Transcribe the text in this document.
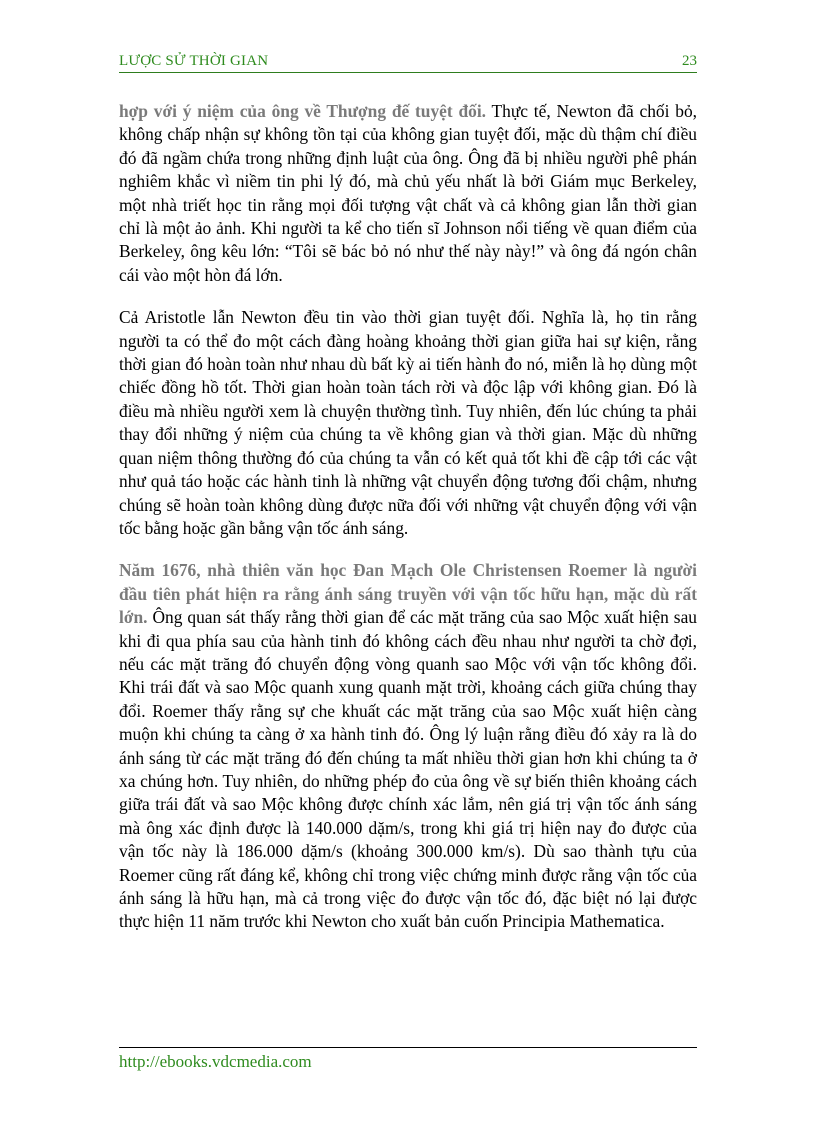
LƯỢC SỬ THỜI GIAN	23

hợp với ý niệm của ông về Thượng đế tuyệt đối. Thực tế, Newton đã chối bỏ, không chấp nhận sự không tồn tại của không gian tuyệt đối, mặc dù thậm chí điều đó đã ngầm chứa trong những định luật của ông. Ông đã bị nhiều người phê phán nghiêm khắc vì niềm tin phi lý đó, mà chủ yếu nhất là bởi Giám mục Berkeley, một nhà triết học tin rằng mọi đối tượng vật chất và cả không gian lẫn thời gian chỉ là một ảo ảnh. Khi người ta kể cho tiến sĩ Johnson nổi tiếng về quan điểm của Berkeley, ông kêu lớn: “Tôi sẽ bác bỏ nó như thế này này!” và ông đá ngón chân cái vào một hòn đá lớn.

Cả Aristotle lẫn Newton đều tin vào thời gian tuyệt đối. Nghĩa là, họ tin rằng người ta có thể đo một cách đàng hoàng khoảng thời gian giữa hai sự kiện, rằng thời gian đó hoàn toàn như nhau dù bất kỳ ai tiến hành đo nó, miễn là họ dùng một chiếc đồng hồ tốt. Thời gian hoàn toàn tách rời và độc lập với không gian. Đó là điều mà nhiều người xem là chuyện thường tình. Tuy nhiên, đến lúc chúng ta phải thay đổi những ý niệm của chúng ta về không gian và thời gian. Mặc dù những quan niệm thông thường đó của chúng ta vẫn có kết quả tốt khi đề cập tới các vật như quả táo hoặc các hành tinh là những vật chuyển động tương đối chậm, nhưng chúng sẽ hoàn toàn không dùng được nữa đối với những vật chuyển động với vận tốc bằng hoặc gần bằng vận tốc ánh sáng.

Năm 1676, nhà thiên văn học Đan Mạch Ole Christensen Roemer là người đầu tiên phát hiện ra rằng ánh sáng truyền với vận tốc hữu hạn, mặc dù rất lớn. Ông quan sát thấy rằng thời gian để các mặt trăng của sao Mộc xuất hiện sau khi đi qua phía sau của hành tinh đó không cách đều nhau như người ta chờ đợi, nếu các mặt trăng đó chuyển động vòng quanh sao Mộc với vận tốc không đổi. Khi trái đất và sao Mộc quanh xung quanh mặt trời, khoảng cách giữa chúng thay đổi. Roemer thấy rằng sự che khuất các mặt trăng của sao Mộc xuất hiện càng muộn khi chúng ta càng ở xa hành tinh đó. Ông lý luận rằng điều đó xảy ra là do ánh sáng từ các mặt trăng đó đến chúng ta mất nhiều thời gian hơn khi chúng ta ở xa chúng hơn. Tuy nhiên, do những phép đo của ông về sự biến thiên khoảng cách giữa trái đất và sao Mộc không được chính xác lắm, nên giá trị vận tốc ánh sáng mà ông xác định được là 140.000 dặm/s, trong khi giá trị hiện nay đo được của vận tốc này là 186.000 dặm/s (khoảng 300.000 km/s). Dù sao thành tựu của Roemer cũng rất đáng kể, không chỉ trong việc chứng minh được rằng vận tốc của ánh sáng là hữu hạn, mà cả trong việc đo được vận tốc đó, đặc biệt nó lại được thực hiện 11 năm trước khi Newton cho xuất bản cuốn Principia Mathematica.

http://ebooks.vdcmedia.com
